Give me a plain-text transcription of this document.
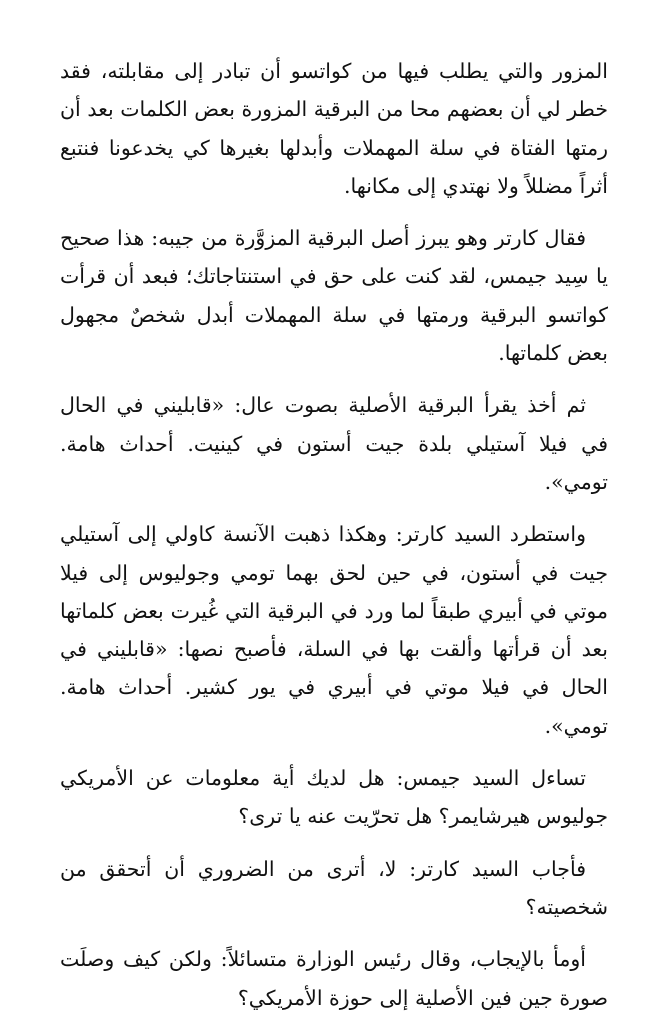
المزور والتي يطلب فيها من كواتسو أن تبادر إلى مقابلته، فقد خطر لي أن بعضهم محا من البرقية المزورة بعض الكلمات بعد أن رمتها الفتاة في سلة المهملات وأبدلها بغيرها كي يخدعونا فنتبع أثراً مضللاً ولا نهتدي إلى مكانها.

فقال كارتر وهو يبرز أصل البرقية المزوَّرة من جيبه: هذا صحيح يا سِيد جيمس، لقد كنت على حق في استنتاجاتك؛ فبعد أن قرأت كواتسو البرقية ورمتها في سلة المهملات أبدل شخصٌ مجهول بعض كلماتها.

ثم أخذ يقرأ البرقية الأصلية بصوت عال: «قابليني في الحال في فيلا آستيلي بلدة جيت أستون في كينيت. أحداث هامة. تومي».

واستطرد السيد كارتر: وهكذا ذهبت الآنسة كاولي إلى آستيلي جيت في أستون، في حين لحق بهما تومي وجوليوس إلى فيلا موتي في أبيري طبقاً لما ورد في البرقية التي غُيرت بعض كلماتها بعد أن قرأتها وألقت بها في السلة، فأصبح نصها: «قابليني في الحال في فيلا موتي في أبيري في يور كشير. أحداث هامة. تومي».

تساءل السيد جيمس: هل لديك أية معلومات عن الأمريكي جوليوس هيرشايمر؟ هل تحرّيت عنه يا ترى؟

فأجاب السيد كارتر: لا، أترى من الضروري أن أتحقق من شخصيته؟

أومأ بالإيجاب، وقال رئيس الوزارة متسائلاً: ولكن كيف وصلَت صورة جين فين الأصلية إلى حوزة الأمريكي؟
